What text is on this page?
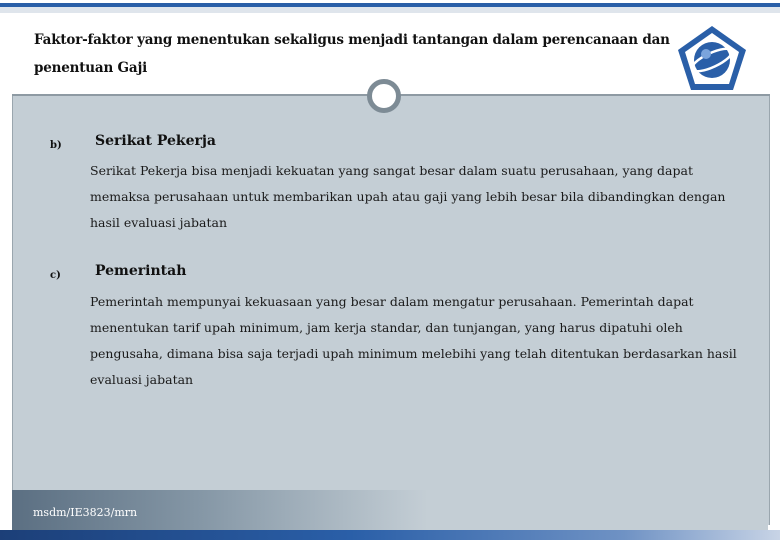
Faktor-faktor yang menentukan sekaligus menjadi tantangan dalam perencanaan dan penentuan Gaji
b) Serikat Pekerja
Serikat Pekerja bisa menjadi kekuatan yang sangat besar dalam suatu perusahaan, yang dapat memaksa perusahaan untuk membarikan upah atau gaji yang lebih besar bila dibandingkan dengan hasil evaluasi jabatan
c) Pemerintah
Pemerintah mempunyai kekuasaan yang besar dalam mengatur perusahaan. Pemerintah dapat menentukan tarif upah minimum, jam kerja standar, dan tunjangan, yang harus dipatuhi oleh pengusaha, dimana bisa saja terjadi upah minimum melebihi yang telah ditentukan berdasarkan hasil evaluasi jabatan
msdm/IE3823/mrn
